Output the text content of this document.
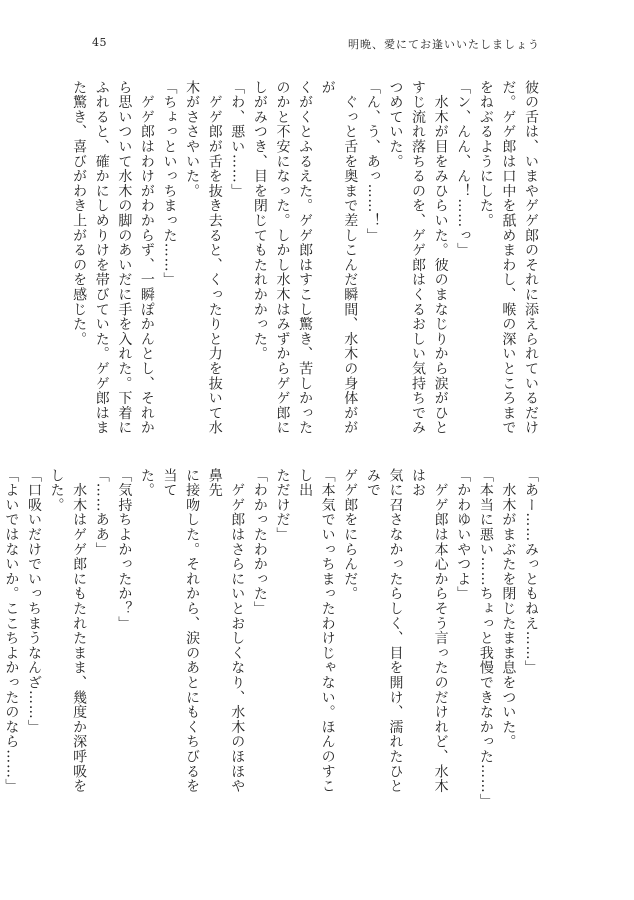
45	明晩、愛にてお逢いいたしましょう

彼の舌は、いまやゲゲ郎のそれに添えられているだけ

だ。ゲゲ郎は口中を舐めまわし、喉の深いところまで

をねぶるようにした。

「ン、んん、ん！……っ」

　水木が目をみひらいた。彼のまなじりから涙がひと

すじ流れ落ちるのを、ゲゲ郎はくるおしい気持ちでみ

つめていた。

「ん、う、あっ……！」

　ぐっと舌を奥まで差しこんだ瞬間、水木の身体ががが

くがくとふるえた。ゲゲ郎はすこし驚き、苦しかった

のかと不安になった。しかし水木はみずからゲゲ郎に

しがみつき、目を閉じてもたれかかった。

「わ、悪い……」

　ゲゲ郎が舌を抜き去ると、くったりと力を抜いて水

木がささやいた。

「ちょっといっちまった……」

　ゲゲ郎はわけがわからず、一瞬ぽかんとし、それか

ら思いついて水木の脚のあいだに手を入れた。下着に

ふれると、確かにしめりけを帯びていた。ゲゲ郎はま

た驚き、喜びがわき上がるのを感じた。

「あー……みっともねえ……」

　水木がまぶたを閉じたまま息をついた。

「本当に悪い……ちょっと我慢できなかった……」

「かわゆいやつよ」

　ゲゲ郎は本心からそう言ったのだけれど、水木はお

気に召さなかったらしく、目を開け、濡れたひとみで

ゲゲ郎をにらんだ。

「本気でいっちまったわけじゃない。ほんのすこし出

ただけだ」

「わかったわかった」

　ゲゲ郎はさらにいとおしくなり、水木のほほや鼻先

に接吻した。それから、涙のあとにもくちびるを当て

た。

「気持ちよかったか？」

「……ああ」

　水木はゲゲ郎にもたれたまま、幾度か深呼吸をした。

「口吸いだけでいっちまうなんざ……」

「よいではないか。ここちよかったのなら……」
